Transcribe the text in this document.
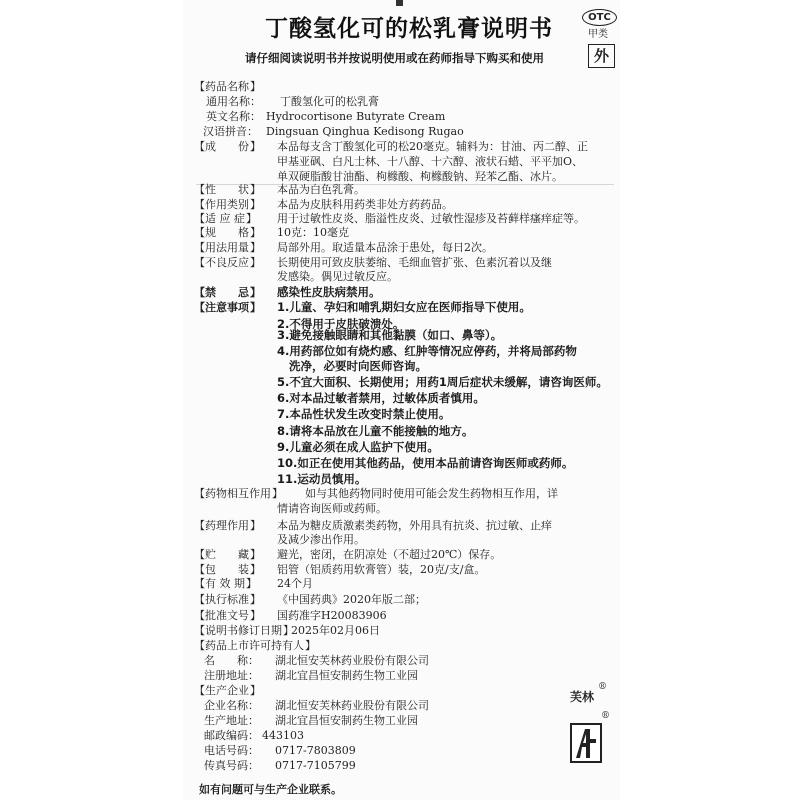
丁酸氢化可的松乳膏说明书	OTC
甲类
请仔细阅读说明书并按说明使用或在药师指导下购买和使用	外
【 药品名称 】
通用名称： 丁酸氢化可的松乳膏
英文名称： Hydrocortisone Butyrate Cream
汉语拼音： Dingsuan Qinghua Kedisong Rugao
【 成　　份 】	本品每支含丁酸氢化可的松20毫克。辅料为：甘油、丙二醇、正
甲基亚砜、白凡士林、十八醇、十六醇、液状石蜡、平平加O、
单双硬脂酸甘油酯、枸橼酸、枸橼酸钠、羟苯乙酯、冰片。
【 性　　状 】	本品为白色乳膏。
【 作用类别 】	本品为皮肤科用药类非处方药药品。
【 适 应 症 】	用于过敏性皮炎、脂溢性皮炎、过敏性湿疹及苔藓样瘙痒症等。
【 规　　格 】	10克：10毫克
【 用法用量 】	局部外用。取适量本品涂于患处，每日2次。
【 不良反应 】	长期使用可致皮肤萎缩、毛细血管扩张、色素沉着以及继
发感染。偶见过敏反应。
【 禁　　忌 】	感染性皮肤病禁用。
【 注意事项 】	1.儿童、孕妇和哺乳期妇女应在医师指导下使用。
2.不得用于皮肤破溃处。
3.避免接触眼睛和其他黏膜（如口、鼻等）。
4.用药部位如有烧灼感、红肿等情况应停药，并将局部药物
洗净，必要时向医师咨询。
5.不宜大面积、长期使用；用药1周后症状未缓解，请咨询医师。
6.对本品过敏者禁用，过敏体质者慎用。
7.本品性状发生改变时禁止使用。
8.请将本品放在儿童不能接触的地方。
9.儿童必须在成人监护下使用。
10.如正在使用其他药品，使用本品前请咨询医师或药师。
11.运动员慎用。
【 药物相互作用 】	如与其他药物同时使用可能会发生药物相互作用，详
情请咨询医师或药师。
【 药理作用 】	本品为糖皮质激素类药物，外用具有抗炎、抗过敏、止痒
及减少渗出作用。
【 贮　　藏 】	避光，密闭，在阴凉处（不超过20℃）保存。
【 包　　装 】	铝管（铝质药用软膏管）装，20克/支/盒。
【 有 效 期 】	24个月
【 执行标准 】	《中国药典》2020年版二部；
【 批准文号 】	国药准字H20083906
【 说明书修订日期 】 2025年02月06日
【 药品上市许可持有人 】
名　　称： 湖北恒安芙林药业股份有限公司
注册地址： 湖北宜昌恒安制药生物工业园
【 生产企业 】
企业名称： 湖北恒安芙林药业股份有限公司
生产地址： 湖北宜昌恒安制药生物工业园
邮政编码： 443103
电话号码： 0717-7803809
传真号码： 0717-7105799
芙林
®
®
如有问题可与生产企业联系。
